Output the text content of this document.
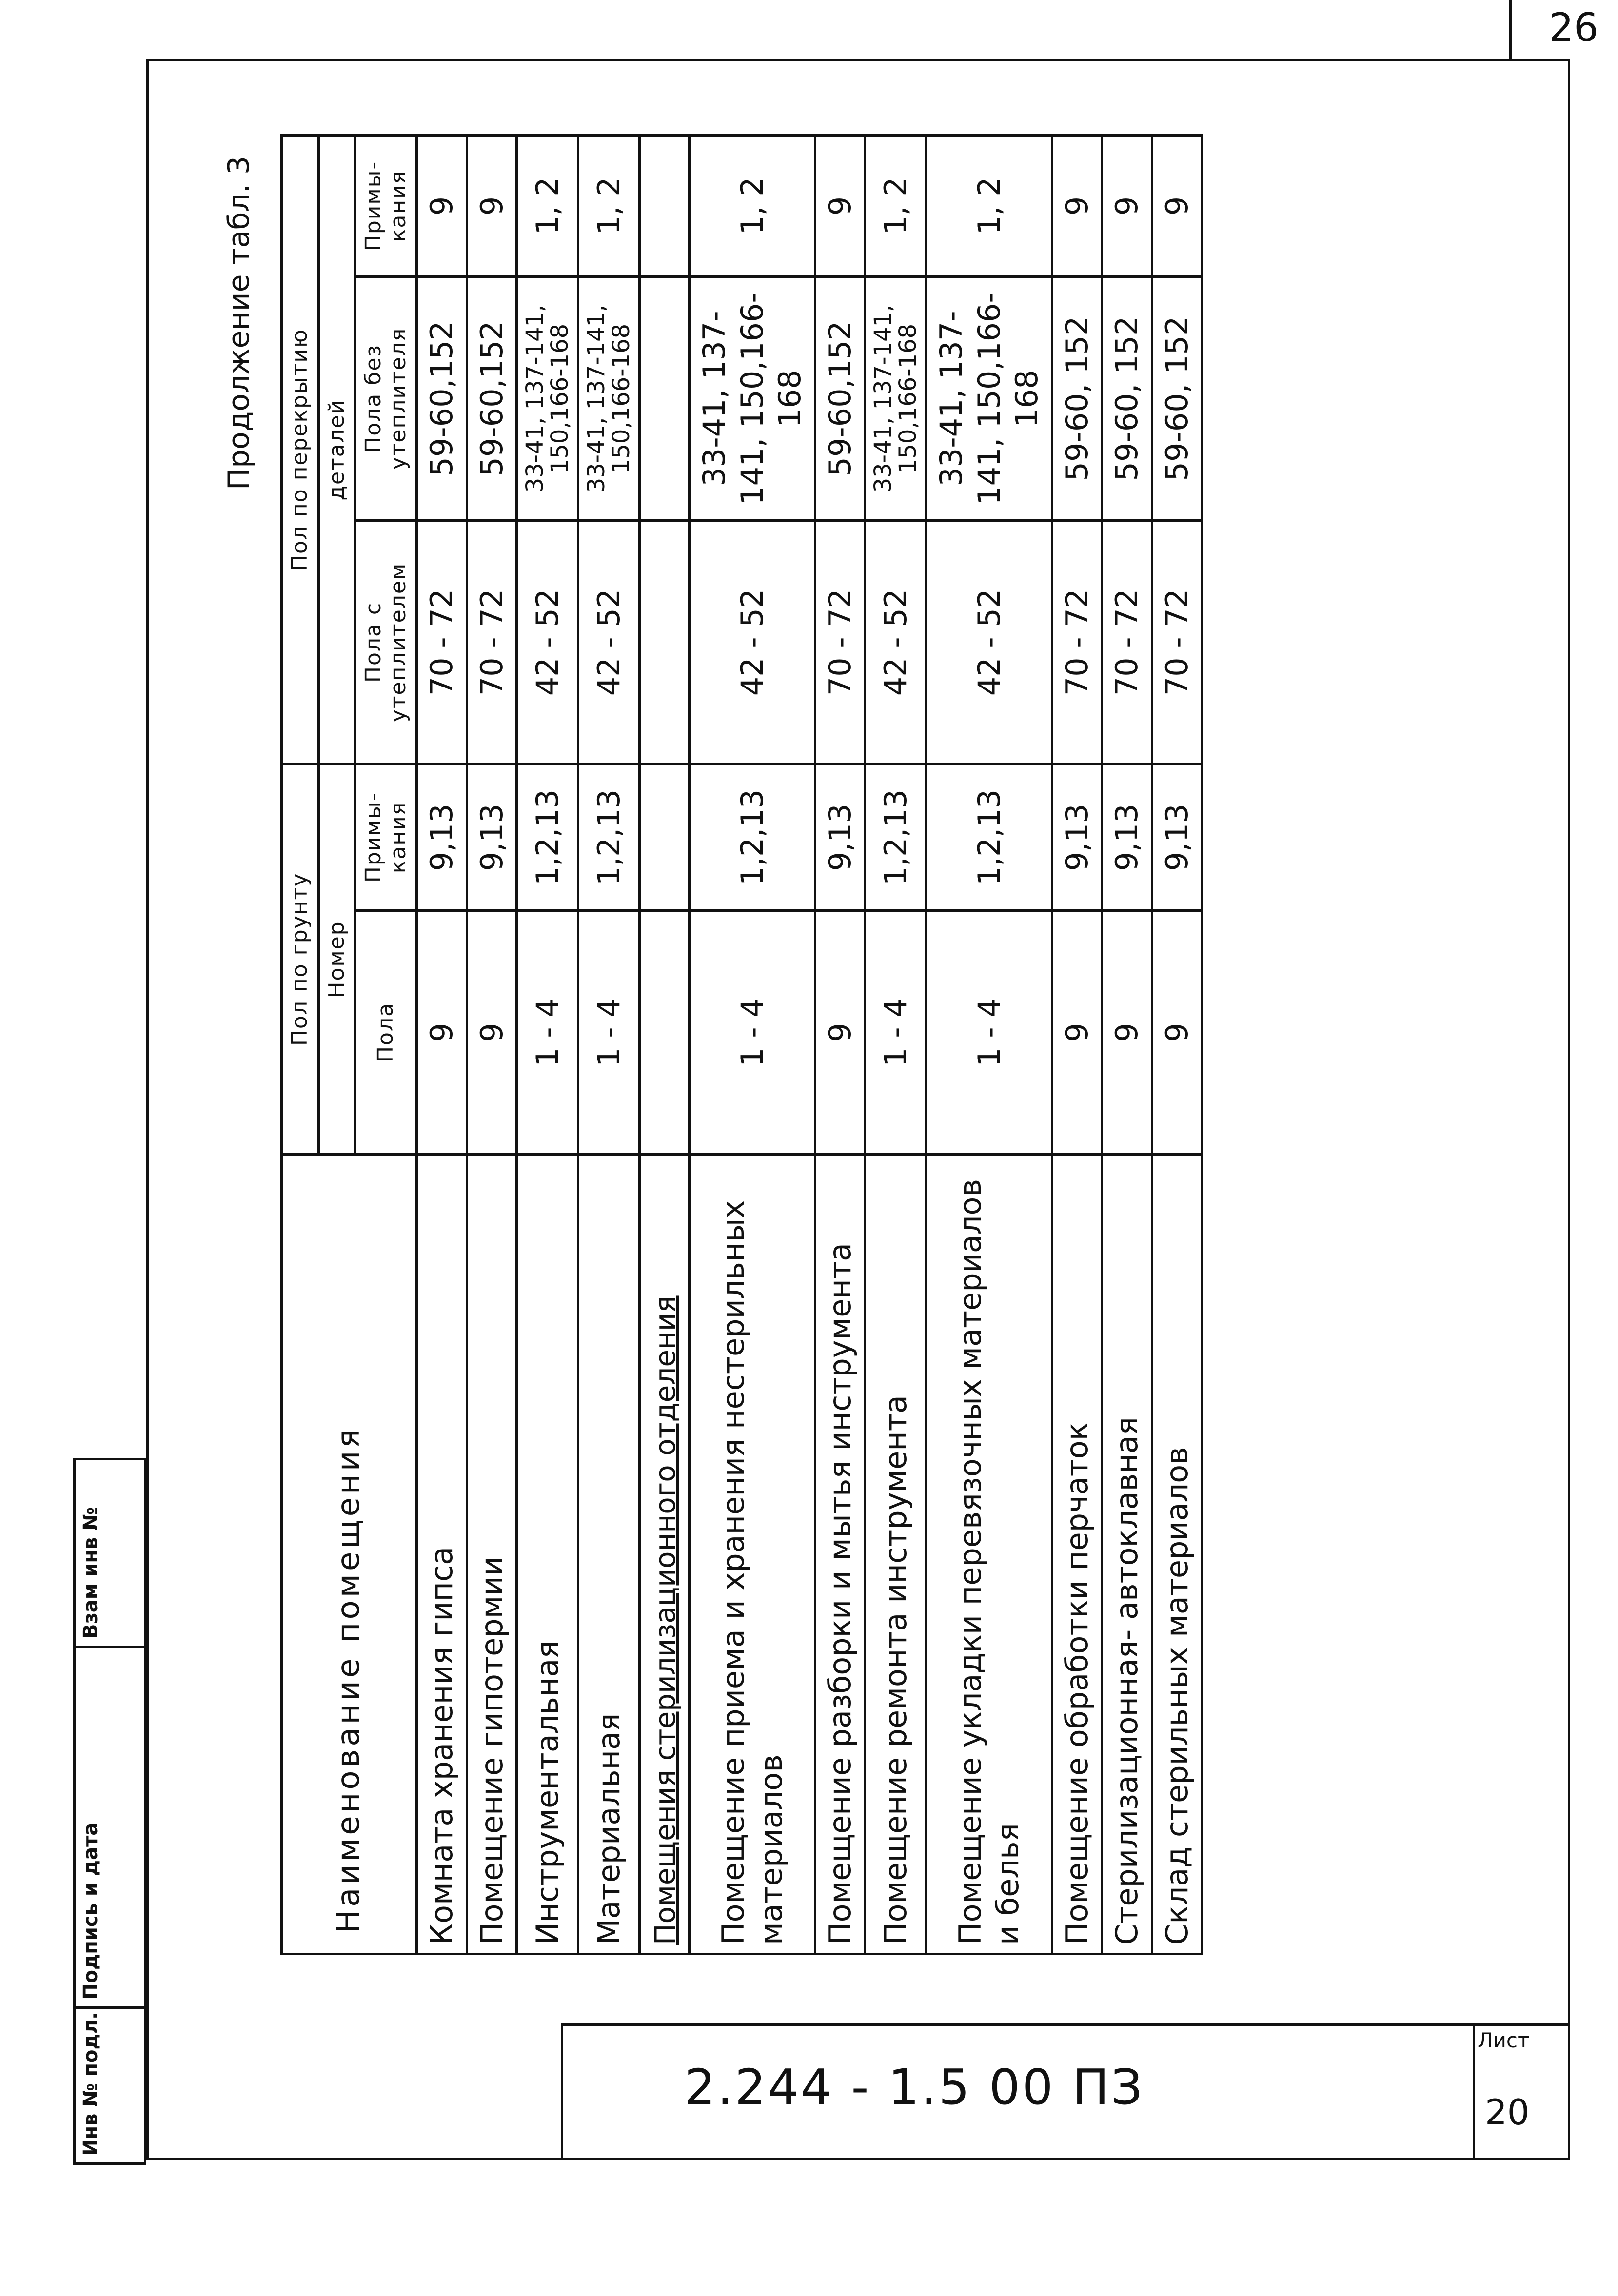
26
Инв № подл.
Подпись и дата
Взам инв №
2.244 - 1.5 00 ПЗ
Лист
20
Продолжение табл. 3
Наименование помещения	Пол по грунту		Пол по перекрытию		
	Номер		деталей		
	Пола	Примы- кания	Пола с утеплителем	Пола без утеплителя	Примы- кания
Комната хранения гипса	9	9,13	70 - 72	59-60,152	9
Помещение гипотермии	9	9,13	70 - 72	59-60,152	9
Инструментальная	1 - 4	1,2,13	42 - 52	33-41, 137-141, 150,166-168	1, 2
Материальная	1 - 4	1,2,13	42 - 52	33-41, 137-141, 150,166-168	1, 2
Помещения стерилизационного отделения					
Помещение приема и хранения нестерильных материалов	1 - 4	1,2,13	42 - 52	33-41, 137-141, 150,166-168	1, 2
Помещение разборки и мытья инструмента	9	9,13	70 - 72	59-60,152	9
Помещение ремонта инструмента	1 - 4	1,2,13	42 - 52	33-41, 137-141, 150,166-168	1, 2
Помещение укладки перевязочных материалов и белья	1 - 4	1,2,13	42 - 52	33-41, 137-141, 150,166-168	1, 2
Помещение обработки перчаток	9	9,13	70 - 72	59-60, 152	9
Стерилизационная- автоклавная	9	9,13	70 - 72	59-60, 152	9
Склад стерильных материалов	9	9,13	70 - 72	59-60, 152	9
